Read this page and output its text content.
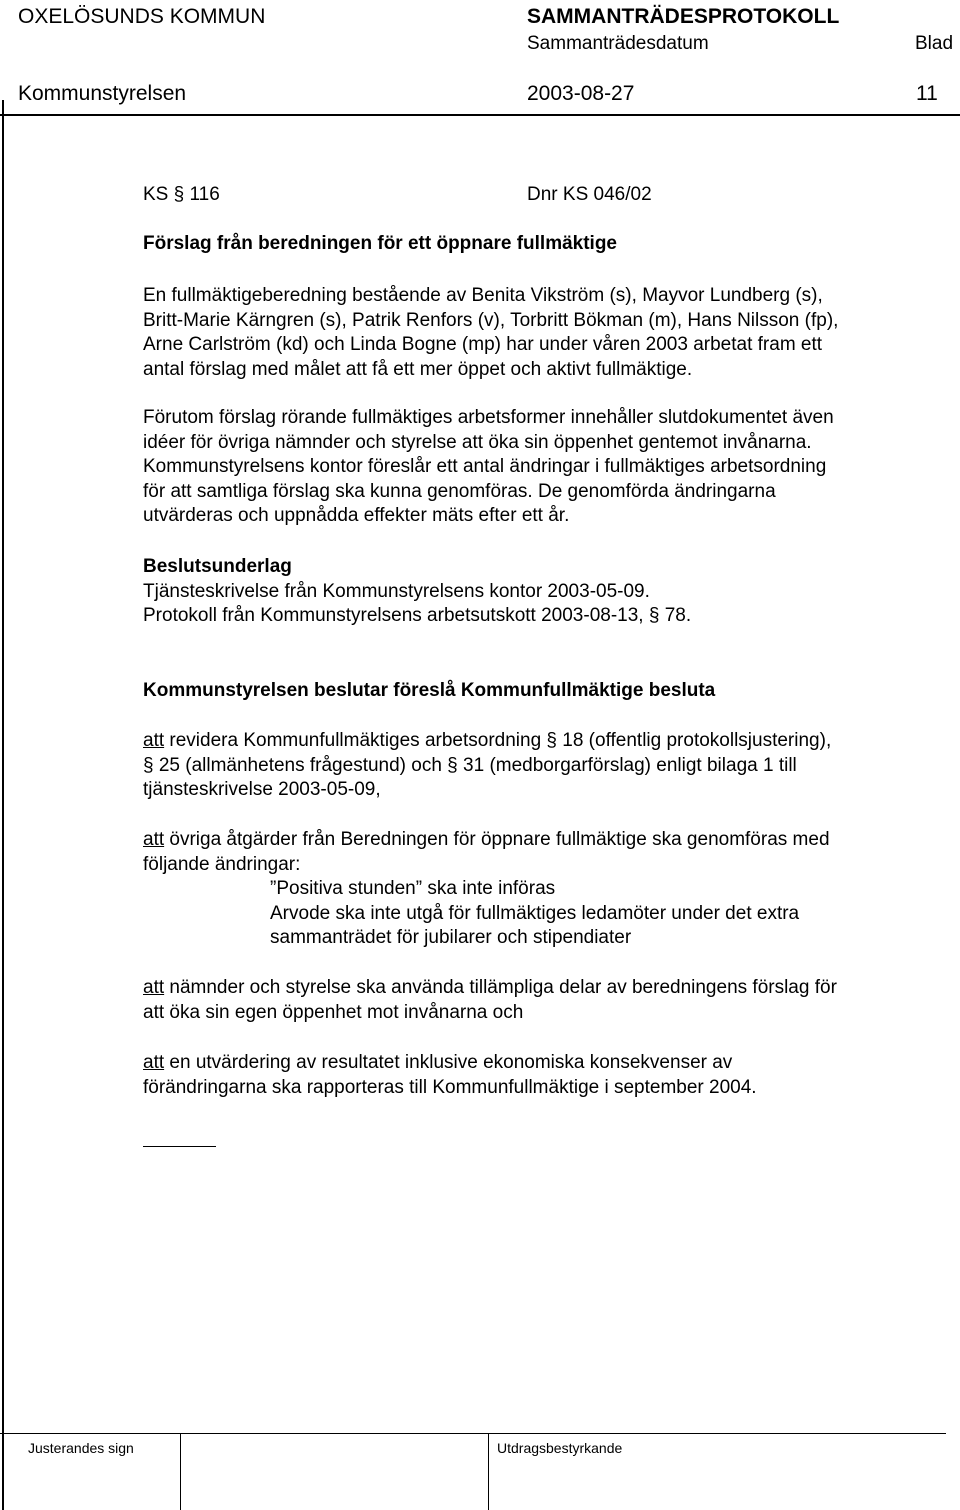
OXELÖSUNDS KOMMUN	SAMMANTRÄDESPROTOKOLL
Sammanträdesdatum	Blad
Kommunstyrelsen	2003-08-27	11
KS § 116	Dnr KS 046/02
Förslag från beredningen för ett öppnare fullmäktige
En fullmäktigeberedning bestående av Benita Vikström (s), Mayvor Lundberg (s),
Britt-Marie Kärngren (s), Patrik Renfors (v), Torbritt Bökman (m), Hans Nilsson (fp),
Arne Carlström (kd) och Linda Bogne (mp) har under våren 2003 arbetat fram ett
antal förslag med målet att få ett mer öppet och aktivt fullmäktige.
Förutom förslag rörande fullmäktiges arbetsformer innehåller slutdokumentet även
idéer för övriga nämnder och styrelse att öka sin öppenhet gentemot invånarna.
Kommunstyrelsens kontor föreslår ett antal ändringar i fullmäktiges arbetsordning
för att samtliga förslag ska kunna genomföras. De genomförda ändringarna
utvärderas och uppnådda effekter mäts efter ett år.
Beslutsunderlag
Tjänsteskrivelse från Kommunstyrelsens kontor 2003-05-09.
Protokoll från Kommunstyrelsens arbetsutskott 2003-08-13, § 78.
Kommunstyrelsen beslutar föreslå Kommunfullmäktige besluta
att revidera Kommunfullmäktiges arbetsordning § 18 (offentlig protokollsjustering),
§ 25 (allmänhetens frågestund) och § 31 (medborgarförslag) enligt bilaga 1 till
tjänsteskrivelse 2003-05-09,
att övriga åtgärder från Beredningen för öppnare fullmäktige ska genomföras med
följande ändringar:
”Positiva stunden” ska inte införas
Arvode ska inte utgå för fullmäktiges ledamöter under det extra
sammanträdet för jubilarer och stipendiater
att nämnder och styrelse ska använda tillämpliga delar av beredningens förslag för
att öka sin egen öppenhet mot invånarna och
att en utvärdering av resultatet inklusive ekonomiska konsekvenser av
förändringarna ska rapporteras till Kommunfullmäktige i september 2004.
Justerandes sign	Utdragsbestyrkande
